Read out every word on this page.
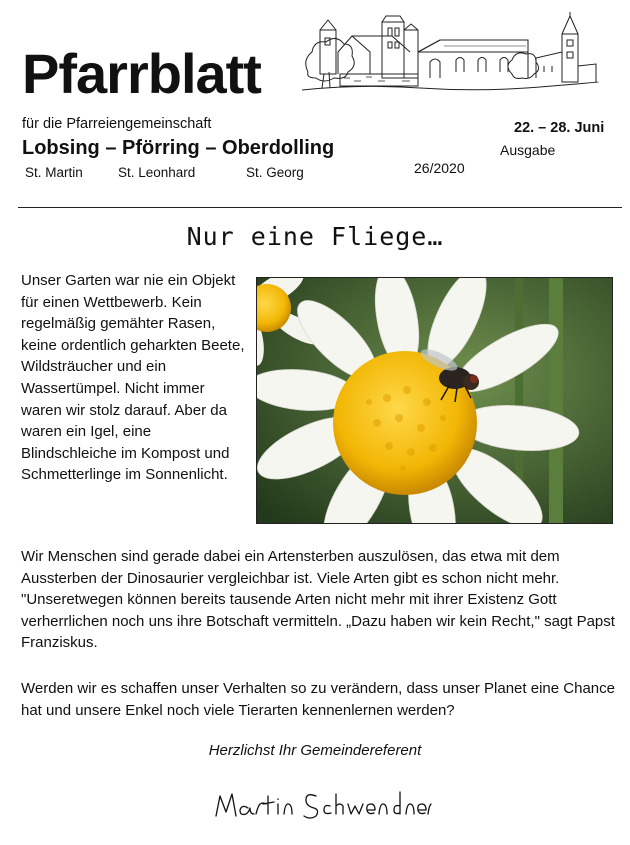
Pfarrblatt
für die Pfarreiengemeinschaft
Lobsing – Pförring – Oberdolling
St. Martin	St. Leonhard	St. Georg
22. – 28. Juni
Ausgabe
26/2020
Nur eine Fliege…
Unser Garten war nie ein Objekt für einen Wettbewerb. Kein regelmäßig gemähter Rasen, keine ordentlich geharkten Beete, Wildsträucher und ein Wassertümpel. Nicht immer waren wir stolz darauf. Aber da waren ein Igel, eine Blindschleiche im Kompost und Schmetterlinge im Sonnenlicht.
Wir Menschen sind gerade dabei ein Artensterben auszulösen, das etwa mit dem Aussterben der Dinosaurier vergleichbar ist. Viele Arten gibt es schon nicht mehr. "Unseretwegen können bereits tausende Arten nicht mehr mit ihrer Existenz Gott verherrlichen noch uns ihre Botschaft vermitteln. „Dazu haben wir kein Recht," sagt Papst Franziskus.
Werden wir es schaffen unser Verhalten so zu verändern, dass unser Planet eine Chance hat und unsere Enkel noch viele Tierarten kennenlernen werden?
Herzlichst Ihr Gemeindereferent
